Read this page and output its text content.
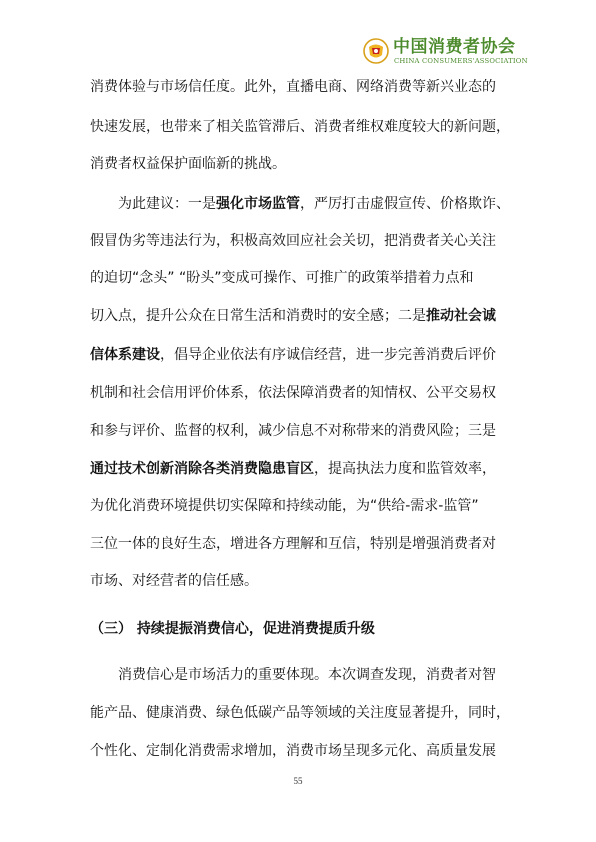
中国消费者协会
CHINA CONSUMERS'ASSOCIATION
消费体验与市场信任度。此外，直播电商、网络消费等新兴业态的
快速发展，也带来了相关监管滞后、消费者维权难度较大的新问题，
消费者权益保护面临新的挑战。
为此建议：一是强化市场监管，严厉打击虚假宣传、价格欺诈、
假冒伪劣等违法行为，积极高效回应社会关切，把消费者关心关注
的迫切“念头” “盼头”变成可操作、可推广的政策举措着力点和
切入点，提升公众在日常生活和消费时的安全感；二是推动社会诚
信体系建设，倡导企业依法有序诚信经营，进一步完善消费后评价
机制和社会信用评价体系，依法保障消费者的知情权、公平交易权
和参与评价、监督的权利，减少信息不对称带来的消费风险；三是
通过技术创新消除各类消费隐患盲区，提高执法力度和监管效率，
为优化消费环境提供切实保障和持续动能，为“供给-需求-监管”
三位一体的良好生态，增进各方理解和互信，特别是增强消费者对
市场、对经营者的信任感。
（三） 持续提振消费信心，促进消费提质升级
消费信心是市场活力的重要体现。本次调查发现，消费者对智
能产品、健康消费、绿色低碳产品等领域的关注度显著提升，同时，
个性化、定制化消费需求增加，消费市场呈现多元化、高质量发展
55
